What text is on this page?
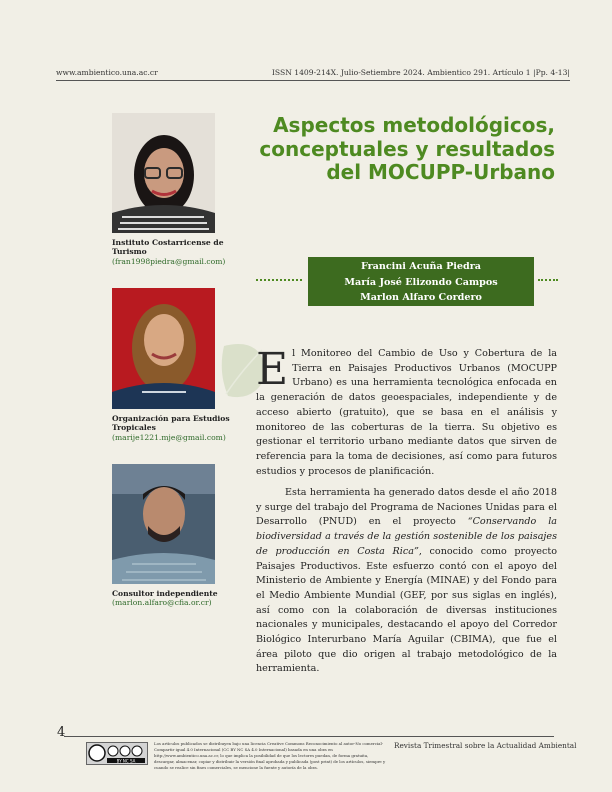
www.ambientico.una.ac.cr	ISSN 1409-214X. Julio-Setiembre 2024. Ambientico 291. Artículo 1 |Pp. 4-13|
Instituto Costarricense de Turismo
(fran1998piedra@gmail.com)
Organización para Estudios Tropicales
(marije1221.mje@gmail.com)
Consultor independiente
(marlon.alfaro@cfia.or.cr)
Aspectos metodológicos,
conceptuales y resultados
del MOCUPP-Urbano
Francini Acuña Piedra
María José Elizondo Campos
Marlon Alfaro Cordero
El Monitoreo del Cambio de Uso y Cobertura de la Tierra en Paisajes Productivos Urbanos (MOCUPP Urbano) es una herramienta tecnológica enfocada en la generación de datos geoespaciales, independiente y de acceso abierto (gratuito), que se basa en el análisis y monitoreo de las coberturas de la tierra. Su objetivo es gestionar el territorio urbano mediante datos que sirven de referencia para la toma de decisiones, así como para futuros estudios y procesos de planificación.
Esta herramienta ha generado datos desde el año 2018 y surge del trabajo del Programa de Naciones Unidas para el Desarrollo (PNUD) en el proyecto “Conservando la biodiversidad a través de la gestión sostenible de los paisajes de producción en Costa Rica”, conocido como proyecto Paisajes Productivos. Este esfuerzo contó con el apoyo del Ministerio de Ambiente y Energía (MINAE) y del Fondo para el Medio Ambiente Mundial (GEF, por sus siglas en inglés), así como con la colaboración de diversas instituciones nacionales y municipales, destacando el apoyo del Corredor Biológico Interurbano María Aguilar (CBIMA), que fue el área piloto que dio origen al trabajo metodológico de la herramienta.
4
BY NC SA
Los artículos publicados se distribuyen bajo una licencia Creative Commons Reconocimiento al autor-No comercial-Compartir igual 4.0 Internacional (CC BY NC SA 4.0 Internacional) basada en una obra en http://www.ambientico.una.ac.cr, lo que implica la posibilidad de que los lectores puedan, de forma gratuita, descargar, almacenar, copiar y distribuir la versión final aprobada y publicada (post print) de los artículos, siempre y cuando se realice sin fines comerciales, se mencione la fuente y autoría de la obra.
Revista Trimestral sobre la Actualidad Ambiental
